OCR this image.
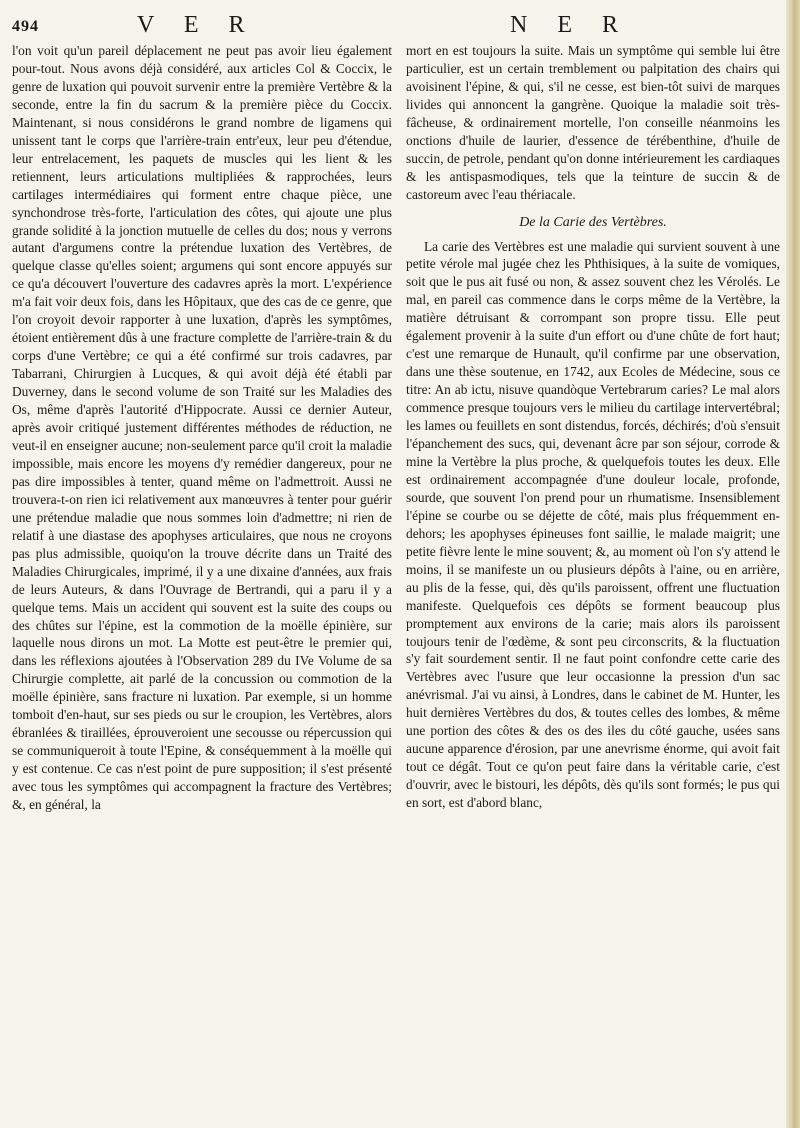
494	V E R	N E R

l'on voit qu'un pareil déplacement ne peut pas avoir lieu également pour-tout. Nous avons déjà considéré, aux articles Col & Coccix, le genre de luxation qui pouvoit survenir entre la première Vertèbre & la seconde, entre la fin du sacrum & la première pièce du Coccix. Maintenant, si nous considérons le grand nombre de ligamens qui unissent tant le corps que l'arrière-train entr'eux, leur peu d'étendue, leur entrelacement, les paquets de muscles qui les lient & les retiennent, leurs articulations multipliées & rapprochées, leurs cartilages intermédiaires qui forment entre chaque pièce, une synchondrose très-forte, l'articulation des côtes, qui ajoute une plus grande solidité à la jonction mutuelle de celles du dos; nous y verrons autant d'argumens contre la prétendue luxation des Vertèbres, de quelque classe qu'elles soient; argumens qui sont encore appuyés sur ce qu'a découvert l'ouverture des cadavres après la mort. L'expérience m'a fait voir deux fois, dans les Hôpitaux, que des cas de ce genre, que l'on croyoit devoir rapporter à une luxation, d'après les symptômes, étoient entièrement dûs à une fracture complette de l'arrière-train & du corps d'une Vertèbre; ce qui a été confirmé sur trois cadavres, par Tabarrani, Chirurgien à Lucques, & qui avoit déjà été établi par Duverney, dans le second volume de son Traité sur les Maladies des Os, même d'après l'autorité d'Hippocrate. Aussi ce dernier Auteur, après avoir critiqué justement différentes méthodes de réduction, ne veut-il en enseigner aucune; non-seulement parce qu'il croit la maladie impossible, mais encore les moyens d'y remédier dangereux, pour ne pas dire impossibles à tenter, quand même on l'admettroit. Aussi ne trouvera-t-on rien ici relativement aux manœuvres à tenter pour guérir une prétendue maladie que nous sommes loin d'admettre; ni rien de relatif à une diastase des apophyses articulaires, que nous ne croyons pas plus admissible, quoiqu'on la trouve décrite dans un Traité des Maladies Chirurgicales, imprimé, il y a une dixaine d'années, aux frais de leurs Auteurs, & dans l'Ouvrage de Bertrandi, qui a paru il y a quelque tems. Mais un accident qui souvent est la suite des coups ou des chûtes sur l'épine, est la commotion de la moëlle épinière, sur laquelle nous dirons un mot. La Motte est peut-être le premier qui, dans les réflexions ajoutées à l'Observation 289 du IVe Volume de sa Chirurgie complette, ait parlé de la concussion ou commotion de la moëlle épinière, sans fracture ni luxation. Par exemple, si un homme tomboit d'en-haut, sur ses pieds ou sur le croupion, les Vertèbres, alors ébranlées & tiraillées, éprouveroient une secousse ou répercussion qui se communiqueroit à toute l'Epine, & conséquemment à la moëlle qui y est contenue. Ce cas n'est point de pure supposition; il s'est présenté avec tous les symptômes qui accompagnent la fracture des Vertèbres; &, en général, la

mort en est toujours la suite. Mais un symptôme qui semble lui être particulier, est un certain tremblement ou palpitation des chairs qui avoisinent l'épine, & qui, s'il ne cesse, est bien-tôt suivi de marques livides qui annoncent la gangrène. Quoique la maladie soit très-fâcheuse, & ordinairement mortelle, l'on conseille néanmoins les onctions d'huile de laurier, d'essence de térébenthine, d'huile de succin, de petrole, pendant qu'on donne intérieurement les cardiaques & les antispasmodiques, tels que la teinture de succin & de castoreum avec l'eau thériacale.

De la Carie des Vertèbres.

La carie des Vertèbres est une maladie qui survient souvent à une petite vérole mal jugée chez les Phthisiques, à la suite de vomiques, soit que le pus ait fusé ou non, & assez souvent chez les Vérolés. Le mal, en pareil cas commence dans le corps même de la Vertèbre, la matière détruisant & corrompant son propre tissu. Elle peut également provenir à la suite d'un effort ou d'une chûte de fort haut; c'est une remarque de Hunault, qu'il confirme par une observation, dans une thèse soutenue, en 1742, aux Ecoles de Médecine, sous ce titre: An ab ictu, nisuve quandòque Vertebrarum caries? Le mal alors commence presque toujours vers le milieu du cartilage intervertébral; les lames ou feuillets en sont distendus, forcés, déchirés; d'où s'ensuit l'épanchement des sucs, qui, devenant âcre par son séjour, corrode & mine la Vertèbre la plus proche, & quelquefois toutes les deux. Elle est ordinairement accompagnée d'une douleur locale, profonde, sourde, que souvent l'on prend pour un rhumatisme. Insensiblement l'épine se courbe ou se déjette de côté, mais plus fréquemment en-dehors; les apophyses épineuses font saillie, le malade maigrit; une petite fièvre lente le mine souvent; &, au moment où l'on s'y attend le moins, il se manifeste un ou plusieurs dépôts à l'aine, ou en arrière, au plis de la fesse, qui, dès qu'ils paroissent, offrent une fluctuation manifeste. Quelquefois ces dépôts se forment beaucoup plus promptement aux environs de la carie; mais alors ils paroissent toujours tenir de l'œdème, & sont peu circonscrits, & la fluctuation s'y fait sourdement sentir. Il ne faut point confondre cette carie des Vertèbres avec l'usure que leur occasionne la pression d'un sac anévrismal. J'ai vu ainsi, à Londres, dans le cabinet de M. Hunter, les huit dernières Vertèbres du dos, & toutes celles des lombes, & même une portion des côtes & des os des iles du côté gauche, usées sans aucune apparence d'érosion, par une anevrisme énorme, qui avoit fait tout ce dégât. Tout ce qu'on peut faire dans la véritable carie, c'est d'ouvrir, avec le bistouri, les dépôts, dès qu'ils sont formés; le pus qui en sort, est d'abord blanc,
